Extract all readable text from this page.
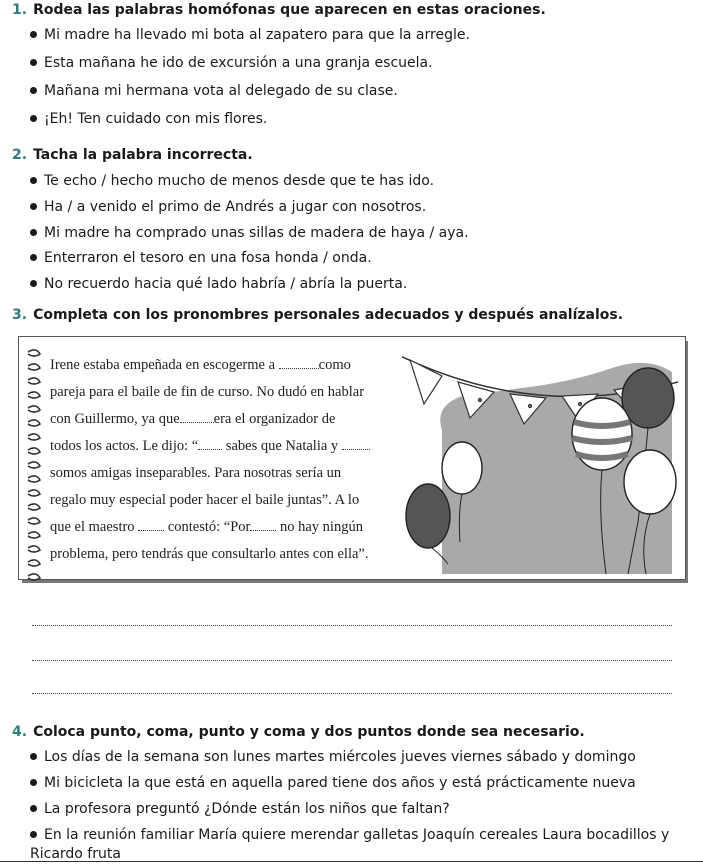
1. Rodea las palabras homófonas que aparecen en estas oraciones.
Mi madre ha llevado mi bota al zapatero para que la arregle.
Esta mañana he ido de excursión a una granja escuela.
Mañana mi hermana vota al delegado de su clase.
¡Eh! Ten cuidado con mis flores.
2. Tacha la palabra incorrecta.
Te echo / hecho mucho de menos desde que te has ido.
Ha / a venido el primo de Andrés a jugar con nosotros.
Mi madre ha comprado unas sillas de madera de haya / aya.
Enterraron el tesoro en una fosa honda / onda.
No recuerdo hacia qué lado habría / abría la puerta.
3. Completa con los pronombres personales adecuados y después analízalos.
Irene estaba empeñada en escogerme a	como
pareja para el baile de fin de curso. No dudó en hablar
con Guillermo, ya que era el organizador de
todos los actos. Le dijo: “ sabes que Natalia y
somos amigas inseparables. Para nosotras sería un
regalo muy especial poder hacer el baile juntas”. A lo
que el maestro  contestó: “Por no hay ningún
problema, pero tendrás que consultarlo antes con ella”.
4. Coloca punto, coma, punto y coma y dos puntos donde sea necesario.
Los días de la semana son lunes martes miércoles jueves viernes sábado y domingo
Mi bicicleta la que está en aquella pared tiene dos años y está prácticamente nueva
La profesora preguntó ¿Dónde están los niños que faltan?
En la reunión familiar María quiere merendar galletas Joaquín cereales Laura bocadillos y
Ricardo fruta
